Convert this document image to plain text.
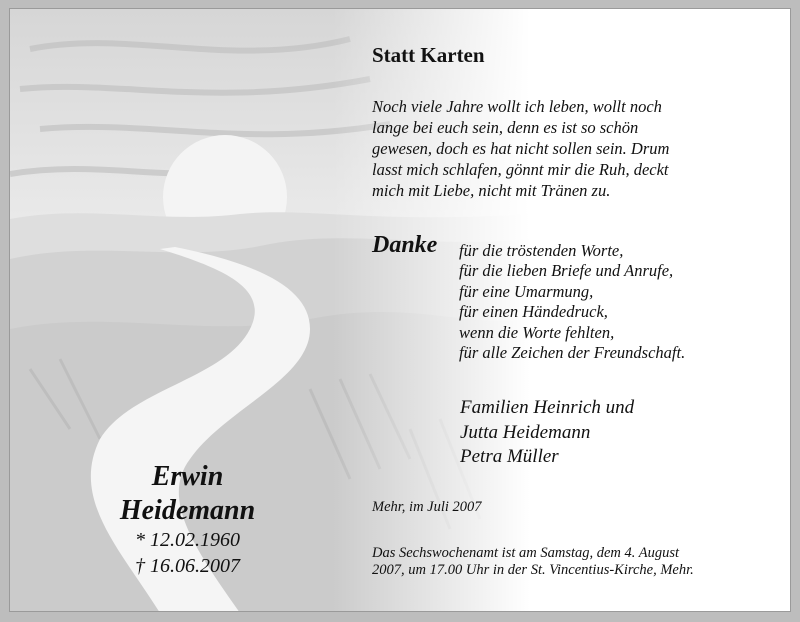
Statt Karten
Noch viele Jahre wollt ich leben, wollt noch
lange bei euch sein, denn es ist so schön
gewesen, doch es hat nicht sollen sein. Drum
lasst mich schlafen, gönnt mir die Ruh, deckt
mich mit Liebe, nicht mit Tränen zu.
Danke für die tröstenden Worte,
für die lieben Briefe und Anrufe,
für eine Umarmung,
für einen Händedruck,
wenn die Worte fehlten,
für alle Zeichen der Freundschaft.
Familien Heinrich und
Jutta Heidemann
Petra Müller
Mehr, im Juli 2007
Das Sechswochenamt ist am Samstag, dem 4. August
2007, um 17.00 Uhr in der St. Vincentius-Kirche, Mehr.
Erwin
Heidemann
* 12.02.1960
† 16.06.2007
